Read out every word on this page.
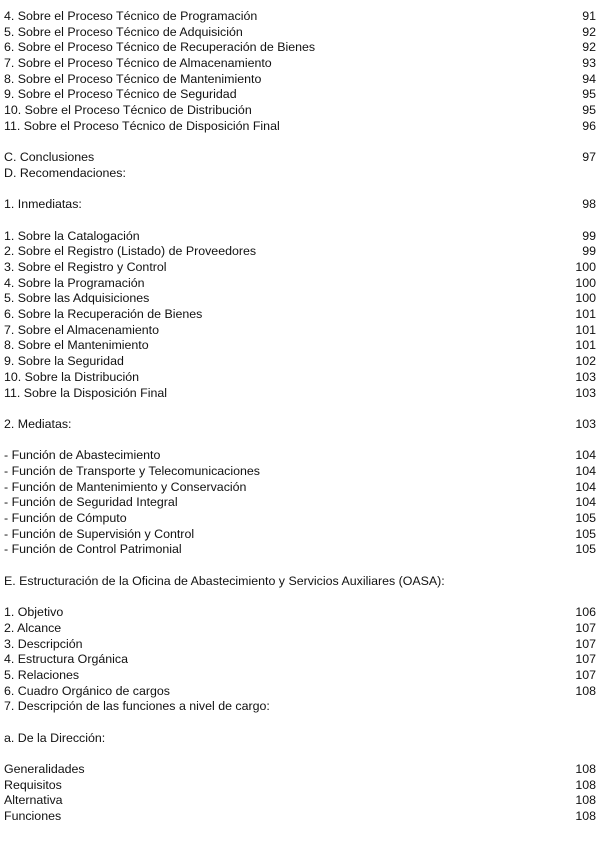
4. Sobre el Proceso Técnico de Programación	91
5. Sobre el Proceso Técnico de Adquisición	92
6. Sobre el Proceso Técnico de Recuperación de Bienes	92
7. Sobre el Proceso Técnico de Almacenamiento	93
8. Sobre el Proceso Técnico de Mantenimiento	94
9. Sobre el Proceso Técnico de Seguridad	95
10. Sobre el Proceso Técnico de Distribución	95
11. Sobre el Proceso Técnico de Disposición Final	96
C. Conclusiones	97
D. Recomendaciones:
1. Inmediatas:	98
1. Sobre la Catalogación	99
2. Sobre el Registro (Listado) de Proveedores	99
3. Sobre el Registro y Control	100
4. Sobre la Programación	100
5. Sobre las Adquisiciones	100
6. Sobre la Recuperación de Bienes	101
7. Sobre el Almacenamiento	101
8. Sobre el Mantenimiento	101
9. Sobre la Seguridad	102
10. Sobre la Distribución	103
11. Sobre la Disposición Final	103
2. Mediatas:	103
- Función de Abastecimiento	104
- Función de Transporte y Telecomunicaciones	104
- Función de Mantenimiento y Conservación	104
- Función de Seguridad Integral	104
- Función de Cómputo	105
- Función de Supervisión y Control	105
- Función de Control Patrimonial	105
E. Estructuración de la Oficina de Abastecimiento y Servicios Auxiliares (OASA):
1. Objetivo	106
2. Alcance	107
3. Descripción	107
4. Estructura Orgánica	107
5. Relaciones	107
6. Cuadro Orgánico de cargos	108
7. Descripción de las funciones a nivel de cargo:
a. De la Dirección:
Generalidades	108
Requisitos	108
Alternativa	108
Funciones	108
